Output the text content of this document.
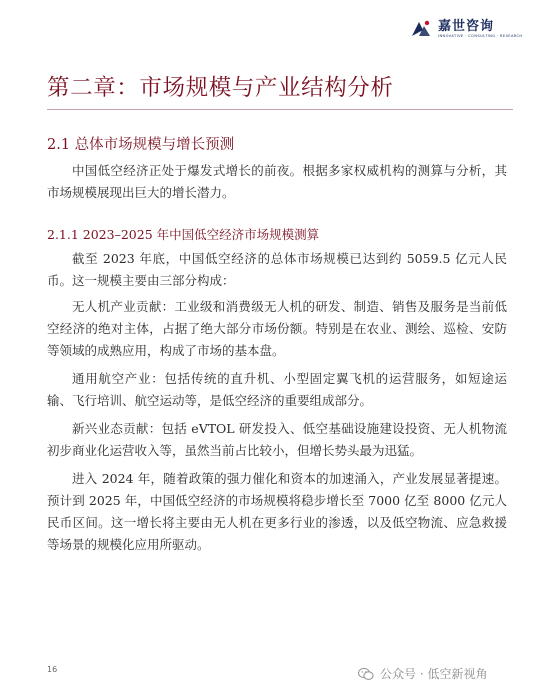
嘉世咨询
INNOVATIVE · CONSULTING · RESEARCH
第二章：市场规模与产业结构分析
2.1 总体市场规模与增长预测

中国低空经济正处于爆发式增长的前夜。根据多家权威机构的测算与分析，其市场规模展现出巨大的增长潜力。

2.1.1 2023–2025 年中国低空经济市场规模测算

截至 2023 年底，中国低空经济的总体市场规模已达到约 5059.5 亿元人民币。这一规模主要由三部分构成：

无人机产业贡献：工业级和消费级无人机的研发、制造、销售及服务是当前低空经济的绝对主体，占据了绝大部分市场份额。特别是在农业、测绘、巡检、安防等领域的成熟应用，构成了市场的基本盘。

通用航空产业：包括传统的直升机、小型固定翼飞机的运营服务，如短途运输、飞行培训、航空运动等，是低空经济的重要组成部分。

新兴业态贡献：包括 eVTOL 研发投入、低空基础设施建设投资、无人机物流初步商业化运营收入等，虽然当前占比较小，但增长势头最为迅猛。

进入 2024 年，随着政策的强力催化和资本的加速涌入，产业发展显著提速。预计到 2025 年，中国低空经济的市场规模将稳步增长至 7000 亿至 8000 亿元人民币区间。这一增长将主要由无人机在更多行业的渗透，以及低空物流、应急救援等场景的规模化应用所驱动。

16	公众号 · 低空新视角
